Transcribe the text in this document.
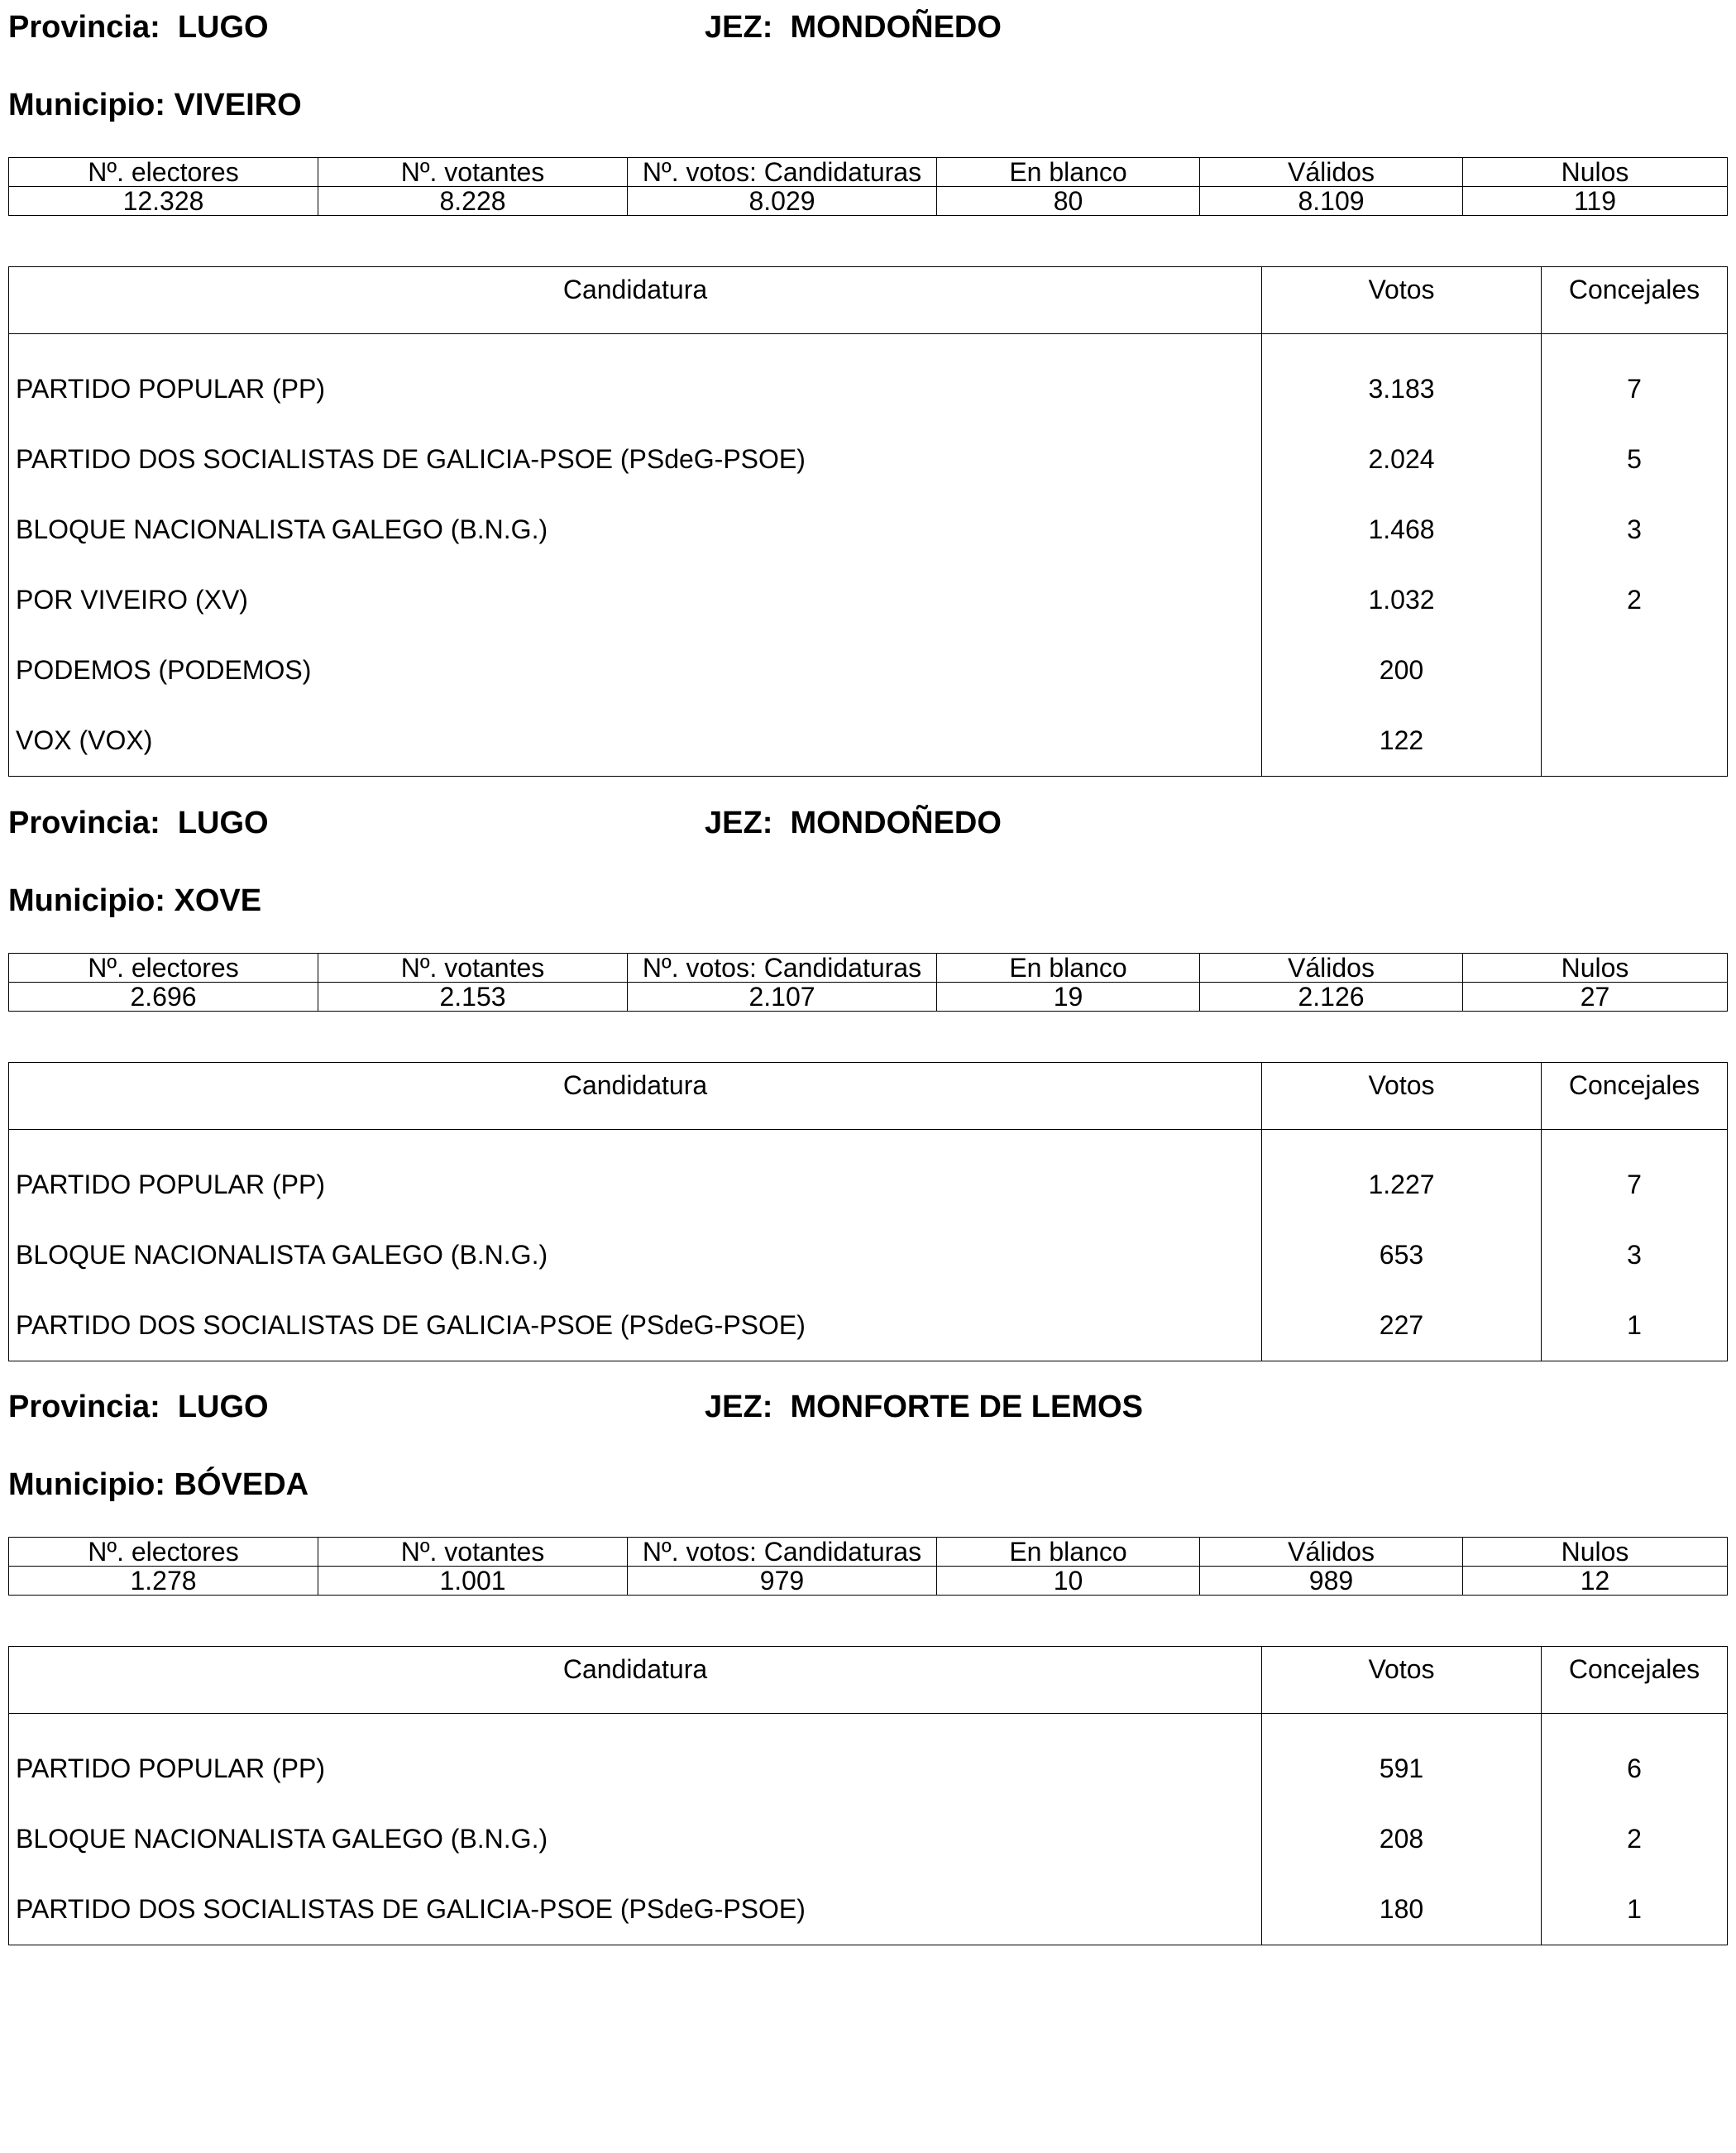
Provincia:  LUGO	JEZ:  MONDOÑEDO
Municipio: VIVEIRO
Nº. electores	Nº. votantes	Nº. votos: Candidaturas	En blanco	Válidos	Nulos
12.328	8.228	8.029	80	8.109	119
Candidatura	Votos	Concejales
PARTIDO POPULAR (PP)	3.183	7
PARTIDO DOS SOCIALISTAS DE GALICIA-PSOE (PSdeG-PSOE)	2.024	5
BLOQUE NACIONALISTA GALEGO (B.N.G.)	1.468	3
POR VIVEIRO (XV)	1.032	2
PODEMOS (PODEMOS)	200	
VOX (VOX)	122	
Provincia:  LUGO	JEZ:  MONDOÑEDO
Municipio: XOVE
Nº. electores	Nº. votantes	Nº. votos: Candidaturas	En blanco	Válidos	Nulos
2.696	2.153	2.107	19	2.126	27
Candidatura	Votos	Concejales
PARTIDO POPULAR (PP)	1.227	7
BLOQUE NACIONALISTA GALEGO (B.N.G.)	653	3
PARTIDO DOS SOCIALISTAS DE GALICIA-PSOE (PSdeG-PSOE)	227	1
Provincia:  LUGO	JEZ:  MONFORTE DE LEMOS
Municipio: BÓVEDA
Nº. electores	Nº. votantes	Nº. votos: Candidaturas	En blanco	Válidos	Nulos
1.278	1.001	979	10	989	12
Candidatura	Votos	Concejales
PARTIDO POPULAR (PP)	591	6
BLOQUE NACIONALISTA GALEGO (B.N.G.)	208	2
PARTIDO DOS SOCIALISTAS DE GALICIA-PSOE (PSdeG-PSOE)	180	1
